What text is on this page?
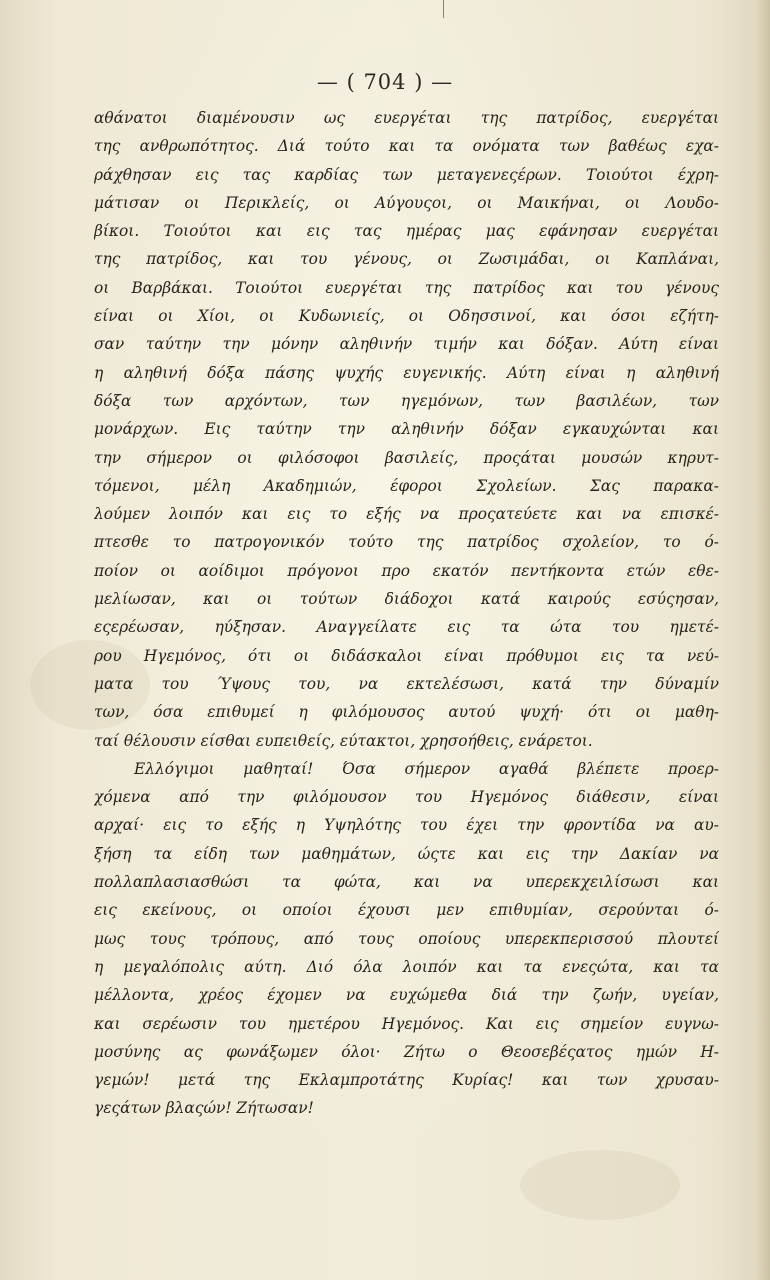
— ( 704 ) —
αθάνατοι διαμένουσιν ως ευεργέται της πατρίδος, ευεργέται
της ανθρωπότητος. Διά τούτο και τα ονόματα των βαθέως εχα-
ράχθησαν εις τας καρδίας των μεταγενεςέρων. Τοιούτοι έχρη-
μάτισαν οι Περικλείς, οι Αύγουςοι, οι Μαικήναι, οι Λουδο-
βίκοι. Τοιούτοι και εις τας ημέρας μας εφάνησαν ευεργέται
της πατρίδος, και του γένους, οι Ζωσιμάδαι, οι Καπλάναι,
οι Βαρβάκαι. Τοιούτοι ευεργέται της πατρίδος και του γένους
είναι οι Χίοι, οι Κυδωνιείς, οι Οδησσινοί, και όσοι εζήτη-
σαν ταύτην την μόνην αληθινήν τιμήν και δόξαν. Αύτη είναι
η αληθινή δόξα πάσης ψυχής ευγενικής. Αύτη είναι η αληθινή
δόξα των αρχόντων, των ηγεμόνων, των βασιλέων, των
μονάρχων. Εις ταύτην την αληθινήν δόξαν εγκαυχώνται και
την σήμερον οι φιλόσοφοι βασιλείς, προςάται μουσών κηρυτ-
τόμενοι, μέλη Ακαδημιών, έφοροι Σχολείων. Σας παρακα-
λούμεν λοιπόν και εις το εξής να προςατεύετε και να επισκέ-
πτεσθε το πατρογονικόν τούτο της πατρίδος σχολείον, το ό-
ποίον οι αοίδιμοι πρόγονοι προ εκατόν πεντήκοντα ετών εθε-
μελίωσαν, και οι τούτων διάδοχοι κατά καιρούς εσύςησαν,
εςερέωσαν, ηύξησαν. Αναγγείλατε εις τα ώτα του ημετέ-
ρου Ηγεμόνος, ότι οι διδάσκαλοι είναι πρόθυμοι εις τα νεύ-
ματα του Ύψους του, να εκτελέσωσι, κατά την δύναμίν
των, όσα επιθυμεί η φιλόμουσος αυτού ψυχή· ότι οι μαθη-
ταί θέλουσιν είσθαι ευπειθείς, εύτακτοι, χρησοήθεις, ενάρετοι.
Ελλόγιμοι μαθηταί! Όσα σήμερον αγαθά βλέπετε προερ-
χόμενα από την φιλόμουσον του Ηγεμόνος διάθεσιν, είναι
αρχαί· εις το εξής η Υψηλότης του έχει την φροντίδα να αυ-
ξήση τα είδη των μαθημάτων, ώςτε και εις την Δακίαν να
πολλαπλασιασθώσι τα φώτα, και να υπερεκχειλίσωσι και
εις εκείνους, οι οποίοι έχουσι μεν επιθυμίαν, σερούνται ό-
μως τους τρόπους, από τους οποίους υπερεκπερισσού πλουτεί
η μεγαλόπολις αύτη. Διό όλα λοιπόν και τα ενεςώτα, και τα
μέλλοντα, χρέος έχομεν να ευχώμεθα διά την ζωήν, υγείαν,
και σερέωσιν του ημετέρου Ηγεμόνος. Και εις σημείον ευγνω-
μοσύνης ας φωνάξωμεν όλοι· Ζήτω ο Θεοσεβέςατος ημών Η-
γεμών! μετά της Εκλαμπροτάτης Κυρίας! και των χρυσαυ-
γεςάτων βλαςών! Ζήτωσαν!
